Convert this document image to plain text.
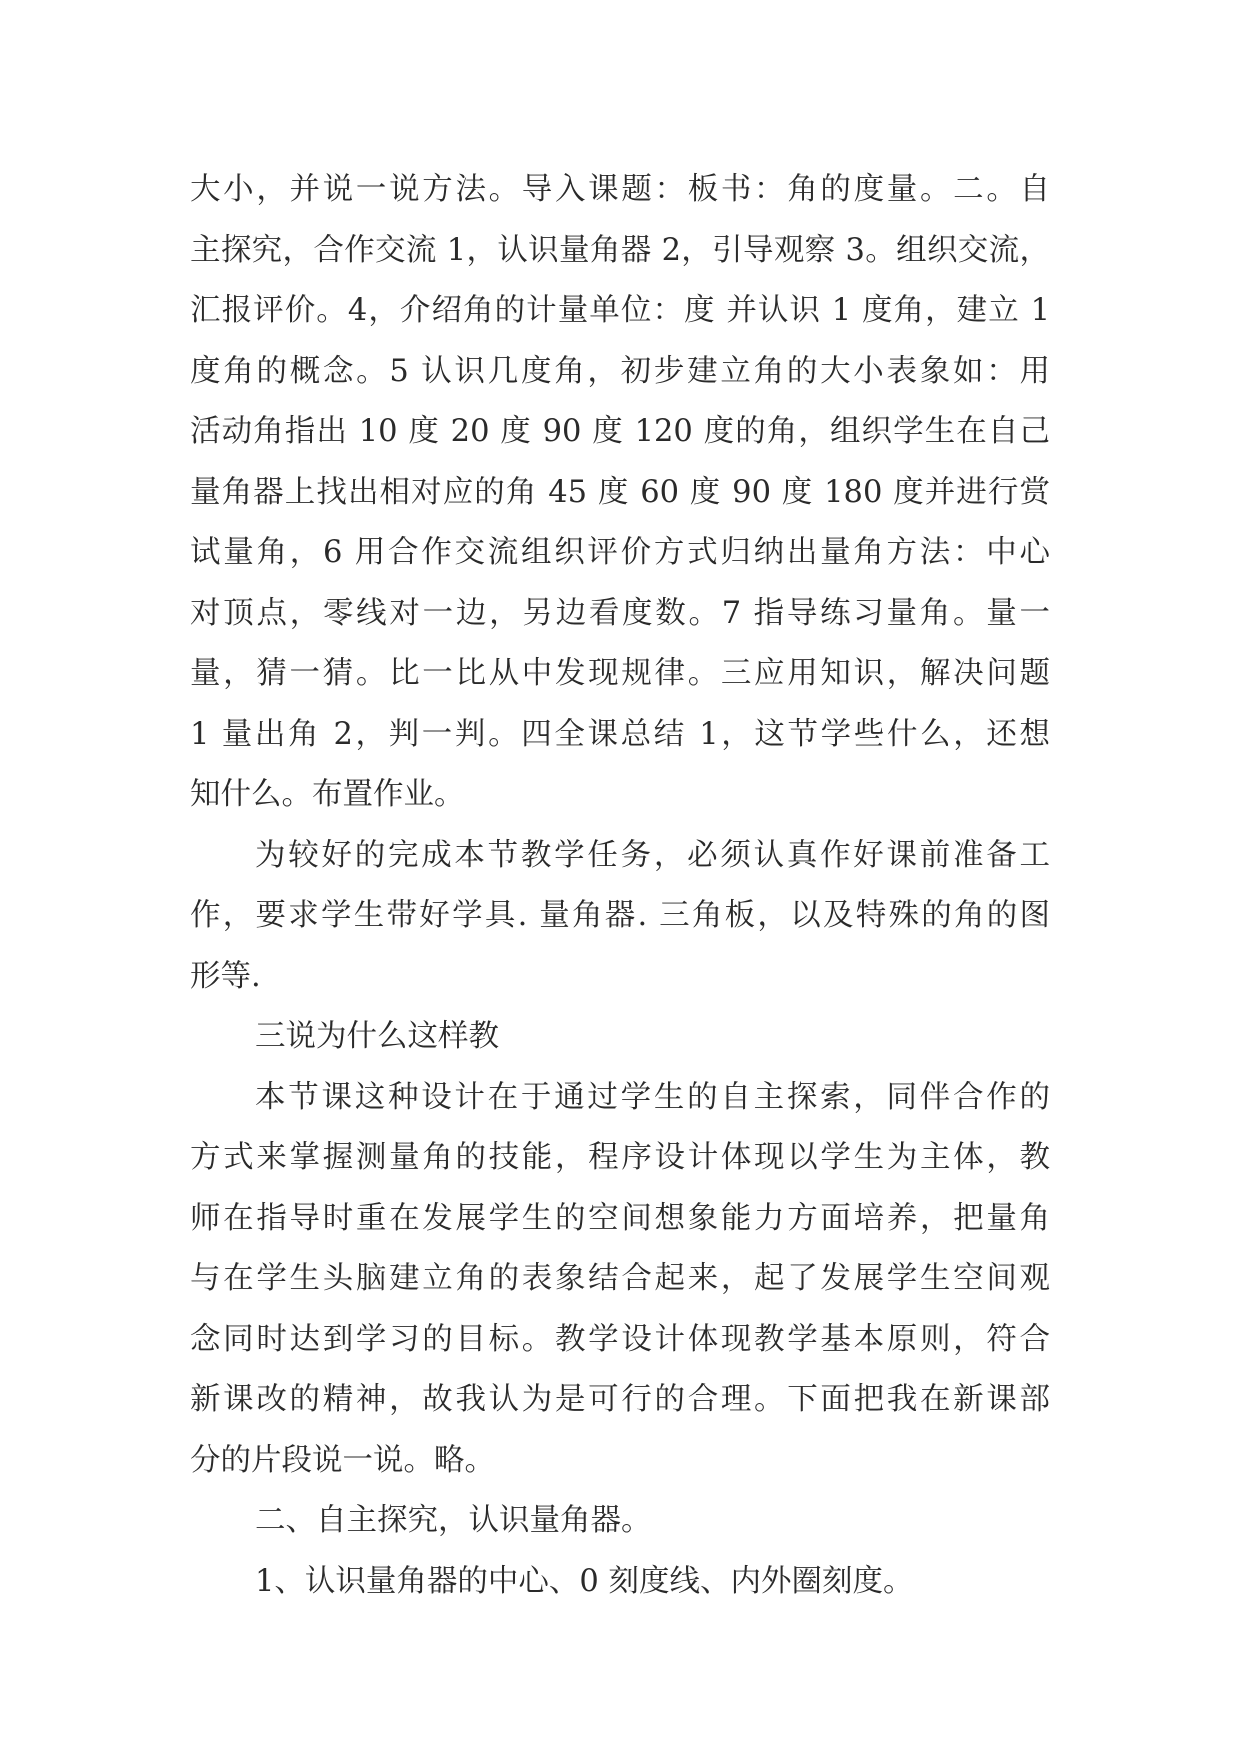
大小，并说一说方法。导入课题：板书：角的度量。二。自
主探究，合作交流 1，认识量角器 2，引导观察 3。组织交流，
汇报评价。4，介绍角的计量单位：度 并认识 1 度角，建立 1
度角的概念。5 认识几度角，初步建立角的大小表象如：用
活动角指出 10 度 20 度 90 度 120 度的角，组织学生在自己
量角器上找出相对应的角 45 度 60 度 90 度 180 度并进行赏
试量角，6 用合作交流组织评价方式归纳出量角方法：中心
对顶点，零线对一边，另边看度数。7 指导练习量角。量一
量，猜一猜。比一比从中发现规律。三应用知识，解决问题
1 量出角 2，判一判。四全课总结 1，这节学些什么，还想
知什么。布置作业。
为较好的完成本节教学任务，必须认真作好课前准备工
作，要求学生带好学具. 量角器. 三角板，以及特殊的角的图
形等.
三说为什么这样教
本节课这种设计在于通过学生的自主探索，同伴合作的
方式来掌握测量角的技能，程序设计体现以学生为主体，教
师在指导时重在发展学生的空间想象能力方面培养，把量角
与在学生头脑建立角的表象结合起来，起了发展学生空间观
念同时达到学习的目标。教学设计体现教学基本原则，符合
新课改的精神，故我认为是可行的合理。下面把我在新课部
分的片段说一说。略。
二、自主探究，认识量角器。
1、认识量角器的中心、0 刻度线、内外圈刻度。
